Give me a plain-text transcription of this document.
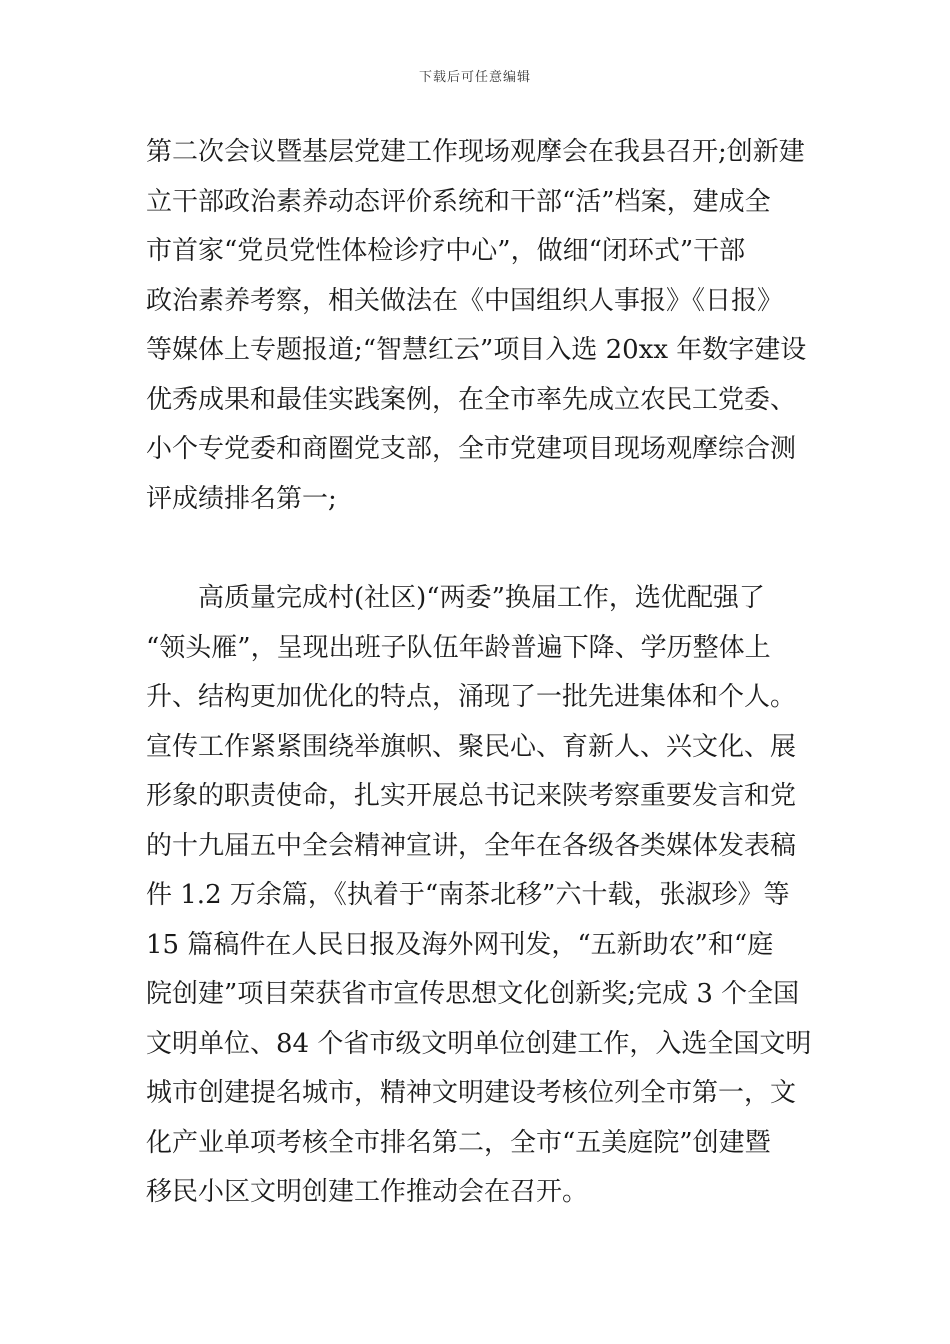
下载后可任意编辑
第二次会议暨基层党建工作现场观摩会在我县召开;创新建
立干部政治素养动态评价系统和干部“活”档案，建成全
市首家“党员党性体检诊疗中心”，做细“闭环式”干部
政治素养考察，相关做法在《中国组织人事报》《日报》
等媒体上专题报道;“智慧红云”项目入选 20xx 年数字建设
优秀成果和最佳实践案例，在全市率先成立农民工党委、
小个专党委和商圈党支部，全市党建项目现场观摩综合测
评成绩排名第一;
高质量完成村(社区)“两委”换届工作，选优配强了
“领头雁”，呈现出班子队伍年龄普遍下降、学历整体上
升、结构更加优化的特点，涌现了一批先进集体和个人。
宣传工作紧紧围绕举旗帜、聚民心、育新人、兴文化、展
形象的职责使命，扎实开展总书记来陕考察重要发言和党
的十九届五中全会精神宣讲，全年在各级各类媒体发表稿
件 1.2 万余篇，《执着于“南茶北移”六十载，张淑珍》等
15 篇稿件在人民日报及海外网刊发，“五新助农”和“庭
院创建”项目荣获省市宣传思想文化创新奖;完成 3 个全国
文明单位、84 个省市级文明单位创建工作，入选全国文明
城市创建提名城市，精神文明建设考核位列全市第一，文
化产业单项考核全市排名第二，全市“五美庭院”创建暨
移民小区文明创建工作推动会在召开。
